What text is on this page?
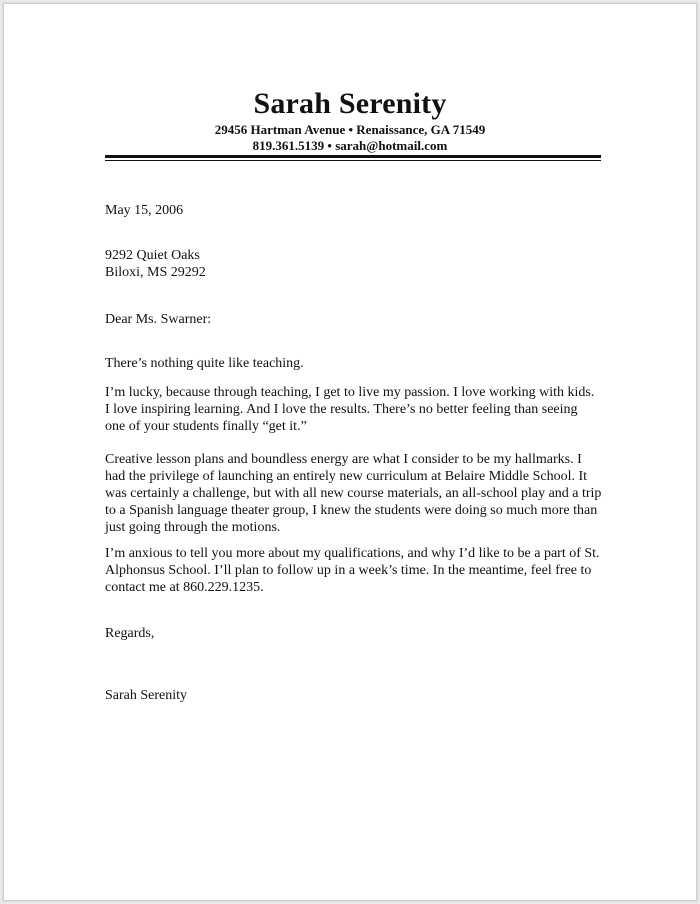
Sarah Serenity
29456 Hartman Avenue • Renaissance, GA 71549
819.361.5139 • sarah@hotmail.com
May 15, 2006
9292 Quiet Oaks
Biloxi, MS 29292
Dear Ms. Swarner:
There’s nothing quite like teaching.
I’m lucky, because through teaching, I get to live my passion. I love working with kids.
I love inspiring learning. And I love the results. There’s no better feeling than seeing
one of your students finally “get it.”
Creative lesson plans and boundless energy are what I consider to be my hallmarks. I
had the privilege of launching an entirely new curriculum at Belaire Middle School. It
was certainly a challenge, but with all new course materials, an all-school play and a trip
to a Spanish language theater group, I knew the students were doing so much more than
just going through the motions.
I’m anxious to tell you more about my qualifications, and why I’d like to be a part of St.
Alphonsus School. I’ll plan to follow up in a week’s time. In the meantime, feel free to
contact me at 860.229.1235.
Regards,
Sarah Serenity
